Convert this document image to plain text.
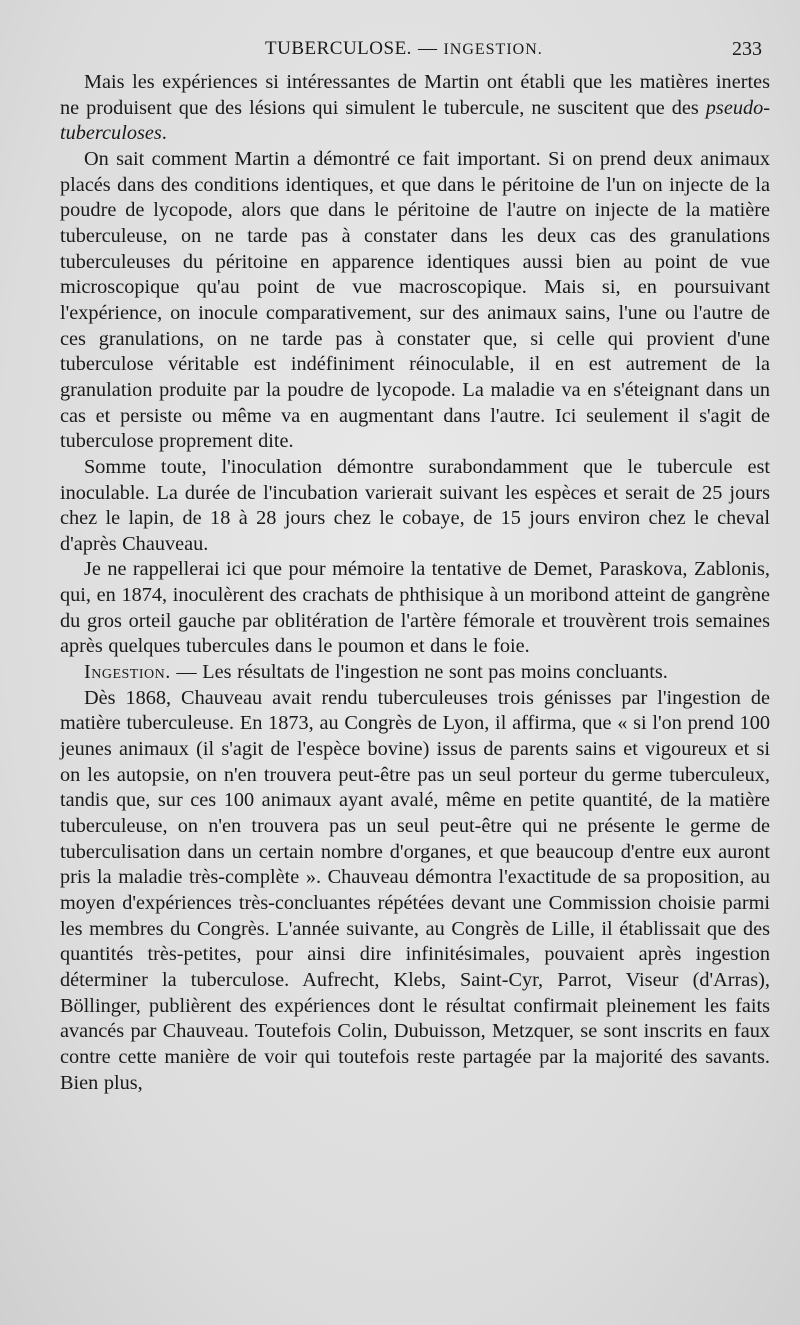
TUBERCULOSE. — INGESTION.	233

Mais les expériences si intéressantes de Martin ont établi que les matières inertes ne produisent que des lésions qui simulent le tubercule, ne suscitent que des pseudo-tuberculoses.

On sait comment Martin a démontré ce fait important. Si on prend deux animaux placés dans des conditions identiques, et que dans le péritoine de l'un on injecte de la poudre de lycopode, alors que dans le péritoine de l'autre on injecte de la matière tuberculeuse, on ne tarde pas à constater dans les deux cas des granulations tuberculeuses du péritoine en apparence identiques aussi bien au point de vue microscopique qu'au point de vue macroscopique. Mais si, en poursuivant l'expérience, on inocule comparativement, sur des animaux sains, l'une ou l'autre de ces granulations, on ne tarde pas à constater que, si celle qui provient d'une tuberculose véritable est indéfiniment réinoculable, il en est autrement de la granulation produite par la poudre de lycopode. La maladie va en s'éteignant dans un cas et persiste ou même va en augmentant dans l'autre. Ici seulement il s'agit de tuberculose proprement dite.

Somme toute, l'inoculation démontre surabondamment que le tubercule est inoculable. La durée de l'incubation varierait suivant les espèces et serait de 25 jours chez le lapin, de 18 à 28 jours chez le cobaye, de 15 jours environ chez le cheval d'après Chauveau.

Je ne rappellerai ici que pour mémoire la tentative de Demet, Paraskova, Zablonis, qui, en 1874, inoculèrent des crachats de phthisique à un moribond atteint de gangrène du gros orteil gauche par oblitération de l'artère fémorale et trouvèrent trois semaines après quelques tubercules dans le poumon et dans le foie.

Ingestion. — Les résultats de l'ingestion ne sont pas moins concluants.

Dès 1868, Chauveau avait rendu tuberculeuses trois génisses par l'ingestion de matière tuberculeuse. En 1873, au Congrès de Lyon, il affirma, que « si l'on prend 100 jeunes animaux (il s'agit de l'espèce bovine) issus de parents sains et vigoureux et si on les autopsie, on n'en trouvera peut-être pas un seul porteur du germe tuberculeux, tandis que, sur ces 100 animaux ayant avalé, même en petite quantité, de la matière tuberculeuse, on n'en trouvera pas un seul peut-être qui ne présente le germe de tuberculisation dans un certain nombre d'organes, et que beaucoup d'entre eux auront pris la maladie très-complète ». Chauveau démontra l'exactitude de sa proposition, au moyen d'expériences très-concluantes répétées devant une Commission choisie parmi les membres du Congrès. L'année suivante, au Congrès de Lille, il établissait que des quantités très-petites, pour ainsi dire infinitésimales, pouvaient après ingestion déterminer la tuberculose. Aufrecht, Klebs, Saint-Cyr, Parrot, Viseur (d'Arras), Böllinger, publièrent des expériences dont le résultat confirmait pleinement les faits avancés par Chauveau. Toutefois Colin, Dubuisson, Metzquer, se sont inscrits en faux contre cette manière de voir qui toutefois reste partagée par la majorité des savants. Bien plus,
